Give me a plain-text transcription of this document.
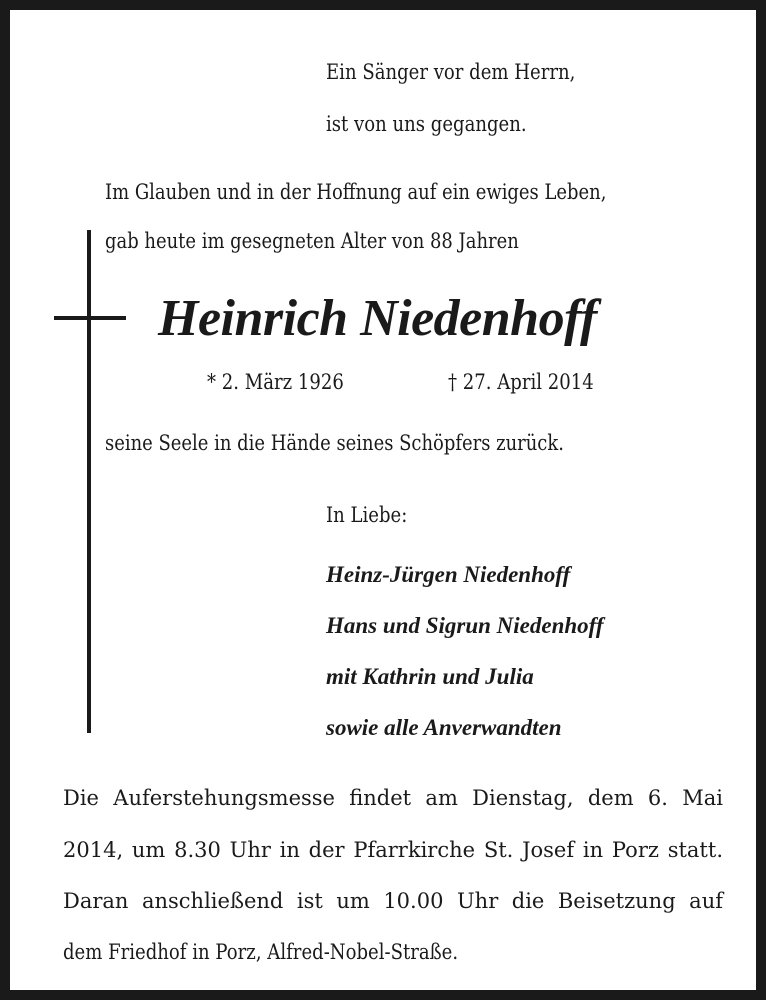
Ein Sänger vor dem Herrn,
ist von uns gegangen.
Im Glauben und in der Hoffnung auf ein ewiges Leben,
gab heute im gesegneten Alter von 88 Jahren
Heinrich Niedenhoff
* 2. März 1926	† 27. April 2014
seine Seele in die Hände seines Schöpfers zurück.
In Liebe:
Heinz-Jürgen Niedenhoff
Hans und Sigrun Niedenhoff
mit Kathrin und Julia
sowie alle Anverwandten
Die Auferstehungsmesse findet am Dienstag, dem 6. Mai
2014, um 8.30 Uhr in der Pfarrkirche St. Josef in Porz statt.
Daran anschließend ist um 10.00 Uhr die Beisetzung auf
dem Friedhof in Porz, Alfred-Nobel-Straße.
